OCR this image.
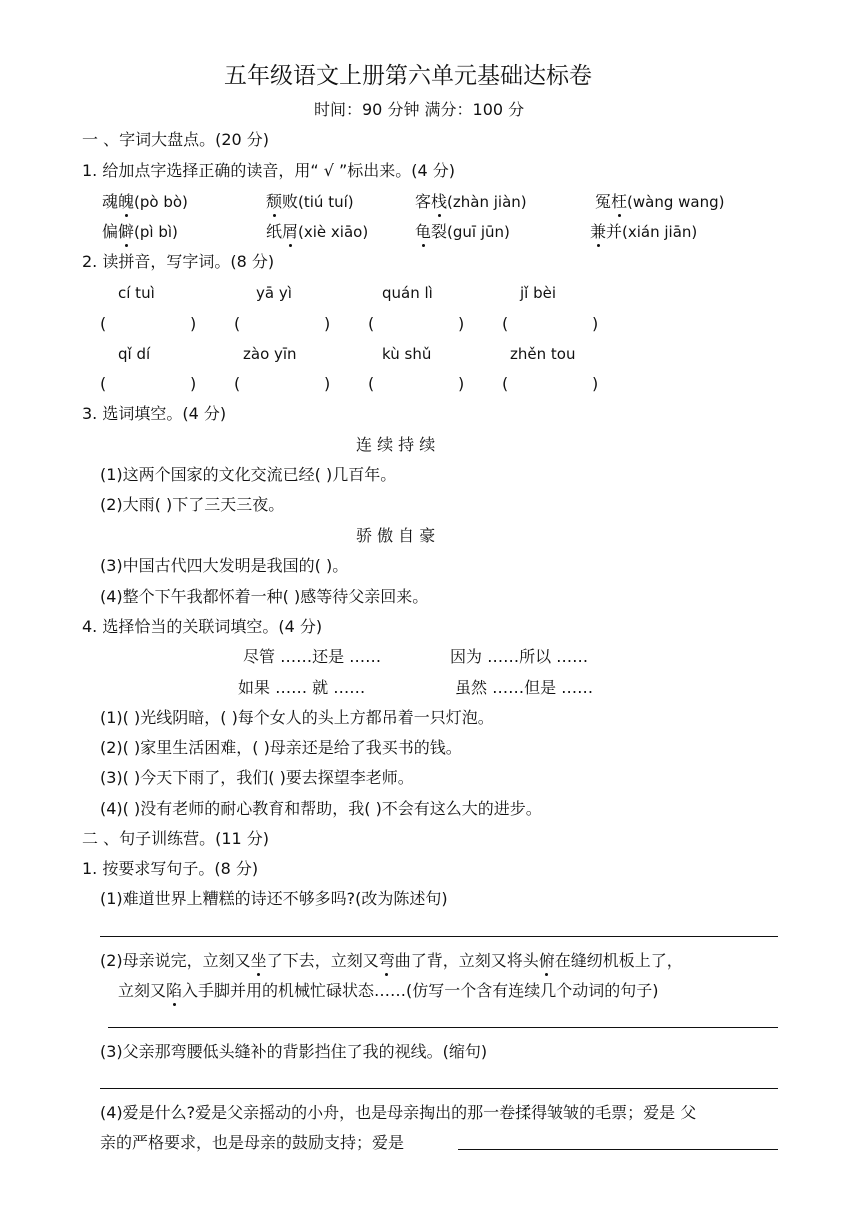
五年级语文上册第六单元基础达标卷
时间：90 分钟 满分：100 分
一 、字词大盘点。(20 分)
1. 给加点字选择正确的读音，用“ √ ”标出来。(4 分)
魂魄(pò bò)	颓败(tiú tuí)	客栈(zhàn jiàn)	冤枉(wàng wang)
偏僻(pì bì)	纸屑(xiè xiāo)	龟裂(guī jūn)	兼并(xián jiān)
2. 读拼音，写字词。(8 分)
cí tuì	yā yì	quán lì	jǐ bèi
(	) (	) (	) (	)
qǐ dí	zào yīn	kù shǔ	zhěn tou
(	) (	) (	) (	)
3. 选词填空。(4 分)
连 续 持 续
(1)这两个国家的文化交流已经( )几百年。
(2)大雨( )下了三天三夜。
骄 傲 自 豪
(3)中国古代四大发明是我国的( )。
(4)整个下午我都怀着一种( )感等待父亲回来。
4. 选择恰当的关联词填空。(4 分)
尽管 ……还是 ……	因为 ……所以 ……
如果 …… 就 ……	虽然 ……但是 ……
(1)( )光线阴暗，( )每个女人的头上方都吊着一只灯泡。
(2)( )家里生活困难，( )母亲还是给了我买书的钱。
(3)( )今天下雨了，我们( )要去探望李老师。
(4)( )没有老师的耐心教育和帮助，我( )不会有这么大的进步。
二 、句子训练营。(11 分)
1. 按要求写句子。(8 分)
(1)难道世界上糟糕的诗还不够多吗?(改为陈述句)
(2)母亲说完，立刻又坐了下去，立刻又弯曲了背，立刻又将头俯在缝纫机板上了，
立刻又陷入手脚并用的机械忙碌状态……(仿写一个含有连续几个动词的句子)
(3)父亲那弯腰低头缝补的背影挡住了我的视线。(缩句)
(4)爱是什么?爱是父亲摇动的小舟，也是母亲掏出的那一卷揉得皱皱的毛票；爱是 父
亲的严格要求，也是母亲的鼓励支持；爱是
